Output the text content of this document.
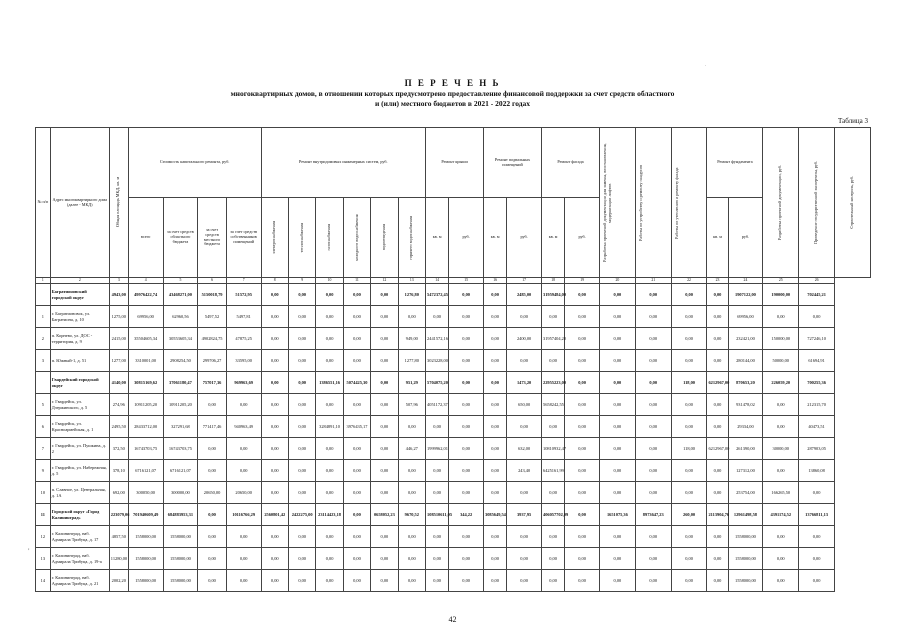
.
П Е Р Е Ч Е Н Ь
многоквартирных домов, в отношении которых предусмотрено предоставление финансовой поддержки за счет средств областного
и (или) местного бюджетов в 2021 - 2022 годах
Таблица 3
,
№ п/п	Адрес многоквартирного дома (далее - МКД)	Общая площадь МКД, кв. м	Стоимость капитального ремонта, руб.				Ремонт внутридомовых инженерных систем, руб.						Ремонт крыши		Ремонт подвальных помещений		Ремонт фасада		Разработка проектной документации для замены, восстановления, модернизации лифтов	Работы по устройству и ремонту пандусов	Работы по утеплению и ремонту фасада	Ремонт фундамента		Разработка проектной документации, руб.	Проведение государственной экспертизы, руб.	Строительный контроль, руб.

			всего	за счет средств областного бюджета	за счет средств местного бюджета	за счет средств собственников помещений	электроснабжения	теплоснабжения	газоснабжения	холодного водоснабжения	водоотведения	горячего водоснабжения	кв. м	руб.	кв. м	руб.	кв. м	руб.				кв. м	руб.			
1	2	3	4	5	6	7	8	9	10	11	12	13	14	15	16	17	18	19	20	21	22	23	24	25	26	
	Багратионовский городской округ	4943,00	49976422,74	43468271,00	5150018,79	51572,95	0,00	0,00	0,00	0,00	0,00	1276,80	5472372,45	0,00	0,00	2485,00	31959484,00	0,00	0,00	0,00	0,00	0,00	1907122,00	190000,00	702445,21	
1	г. Багратионовск, ул. Багратиона, д. 10	1275,00	69956,00	62960,56	5497,52	5497,81	0,00	0,00	0,00	0,00	0,00	0,00	0,00	0,00	0,00	0,00	0,00	0,00	0,00	0,00	0,00	0,00	69956,00	0,00	0,00	
2	п. Корнево, ул. ДОС - территория, д. 9	2415,00	35504605,34	30553605,34	4902824,75	47875,25	0,00	0,00	0,00	0,00	0,00	949,00	2441572,16	0,00	0,00	2400,00	31957404,20	0,00	0,00	0,00	0,00	0,00	232421,00	150000,00	727246,10	
3	п. Южный-1, д. 51	1277,00	3310001,00	2908254,50	299706,27	33595,00	0,00	0,00	0,00	0,00	0,00	1277,80	3023228,00	0,00	0,00	0,00	0,00	0,00	0,00	0,00	0,00	0,00	280144,00	50000,00	61694,91	
	Гвардейский городской округ	4140,00	30815169,62	37061180,47	757017,36	969963,69	0,00	0,00	1386551,16	5074425,30	0,00	951,29	5704075,20	0,00	0,00	1473,20	22955223,00	0,00	0,00	0,00	118,00	6212967,00	870653,20	226059,20	700255,36	
5	г. Гвардейск, ул. Дзержинского, д. 5	274,96	10911205,20	10911205,20	0,00	0,00	0,00	0,00	0,00	0,00	0,00	507,96	4051172,37	0,00	0,00	650,00	5658242,55	0,00	0,00	0,00	0,00	0,00	931478,02	0,00	212315,70	
6	г. Гвардейск, ул. Красноармейская, д. 1	2495,50	28433712,00	327291,68	771417,46	940963,49	0,00	0,00	3284891,10	3976435,17	0,00	0,00	0,00	0,00	0,00	0,00	0,00	0,00	0,00	0,00	0,00	0,00	29334,00	0,00	40473,51	
7	г. Гвардейск, ул. Пушкина, д. 2	372,50	16743703,75	16743703,75	0,00	0,00	0,00	0,00	0,00	0,00	0,00	446,27	1999962,01	0,00	0,00	632,00	10810932,47	0,00	0,00	0,00	118,00	6212967,00	261390,00	30000,00	287903,05	
9	г. Гвардейск, ул. Набережная, д. 5	378,10	6716121,07	6716121,07	0,00	0,00	0,00	0,00	0,00	0,00	0,00	0,00	0,00	0,00	0,00	243,40	6425161,99	0,00	0,00	0,00	0,00	0,00	127312,00	0,00	13860,08	
10	п. Славное, ул. Центральная, д. 1А	692,00	300050,00	300000,00	20650,00	20650,00	0,00	0,00	0,00	0,00	0,00	0,00	0,00	0,00	0,00	0,00	0,00	0,00	0,00	0,00	0,00	0,00	253754,00	166265,50	0,00	
11	Городской округ «Город Калининград»	223079,06	701940609,49	684883953,31	0,00	10116766,29	2560801,42	2422275,00	23114423,18	0,00	0658052,23	9670,52	108510611,05	344,22	3085649,54	3937,95	406057702,09	0,00	1651075,36	8973647,23	260,00	2113904,76	12961498,58	4391174,52	13766811,13	
12	г. Калининград, наб. Адмирала Трибуца, д. 17	4857,50	1558000,00	1558000,00	0,00	0,00	0,00	0,00	0,00	0,00	0,00	0,00	0,00	0,00	0,00	0,00	0,00	0,00	0,00	0,00	0,00	0,00	1558000,00	0,00	0,00	
13	г. Калининград, наб. Адмирала Трибуца, д. 19-а	11280,00	1558000,00	1558000,00	0,00	0,00	0,00	0,00	0,00	0,00	0,00	0,00	0,00	0,00	0,00	0,00	0,00	0,00	0,00	0,00	0,00	0,00	1558000,00	0,00	0,00	
14	г. Калининград, наб. Адмирала Трибуца, д. 21	2002,20	1558000,00	1558000,00	0,00	0,00	0,00	0,00	0,00	0,00	0,00	0,00	0,00	0,00	0,00	0,00	0,00	0,00	0,00	0,00	0,00	0,00	1558000,00	0,00	0,00	
42
